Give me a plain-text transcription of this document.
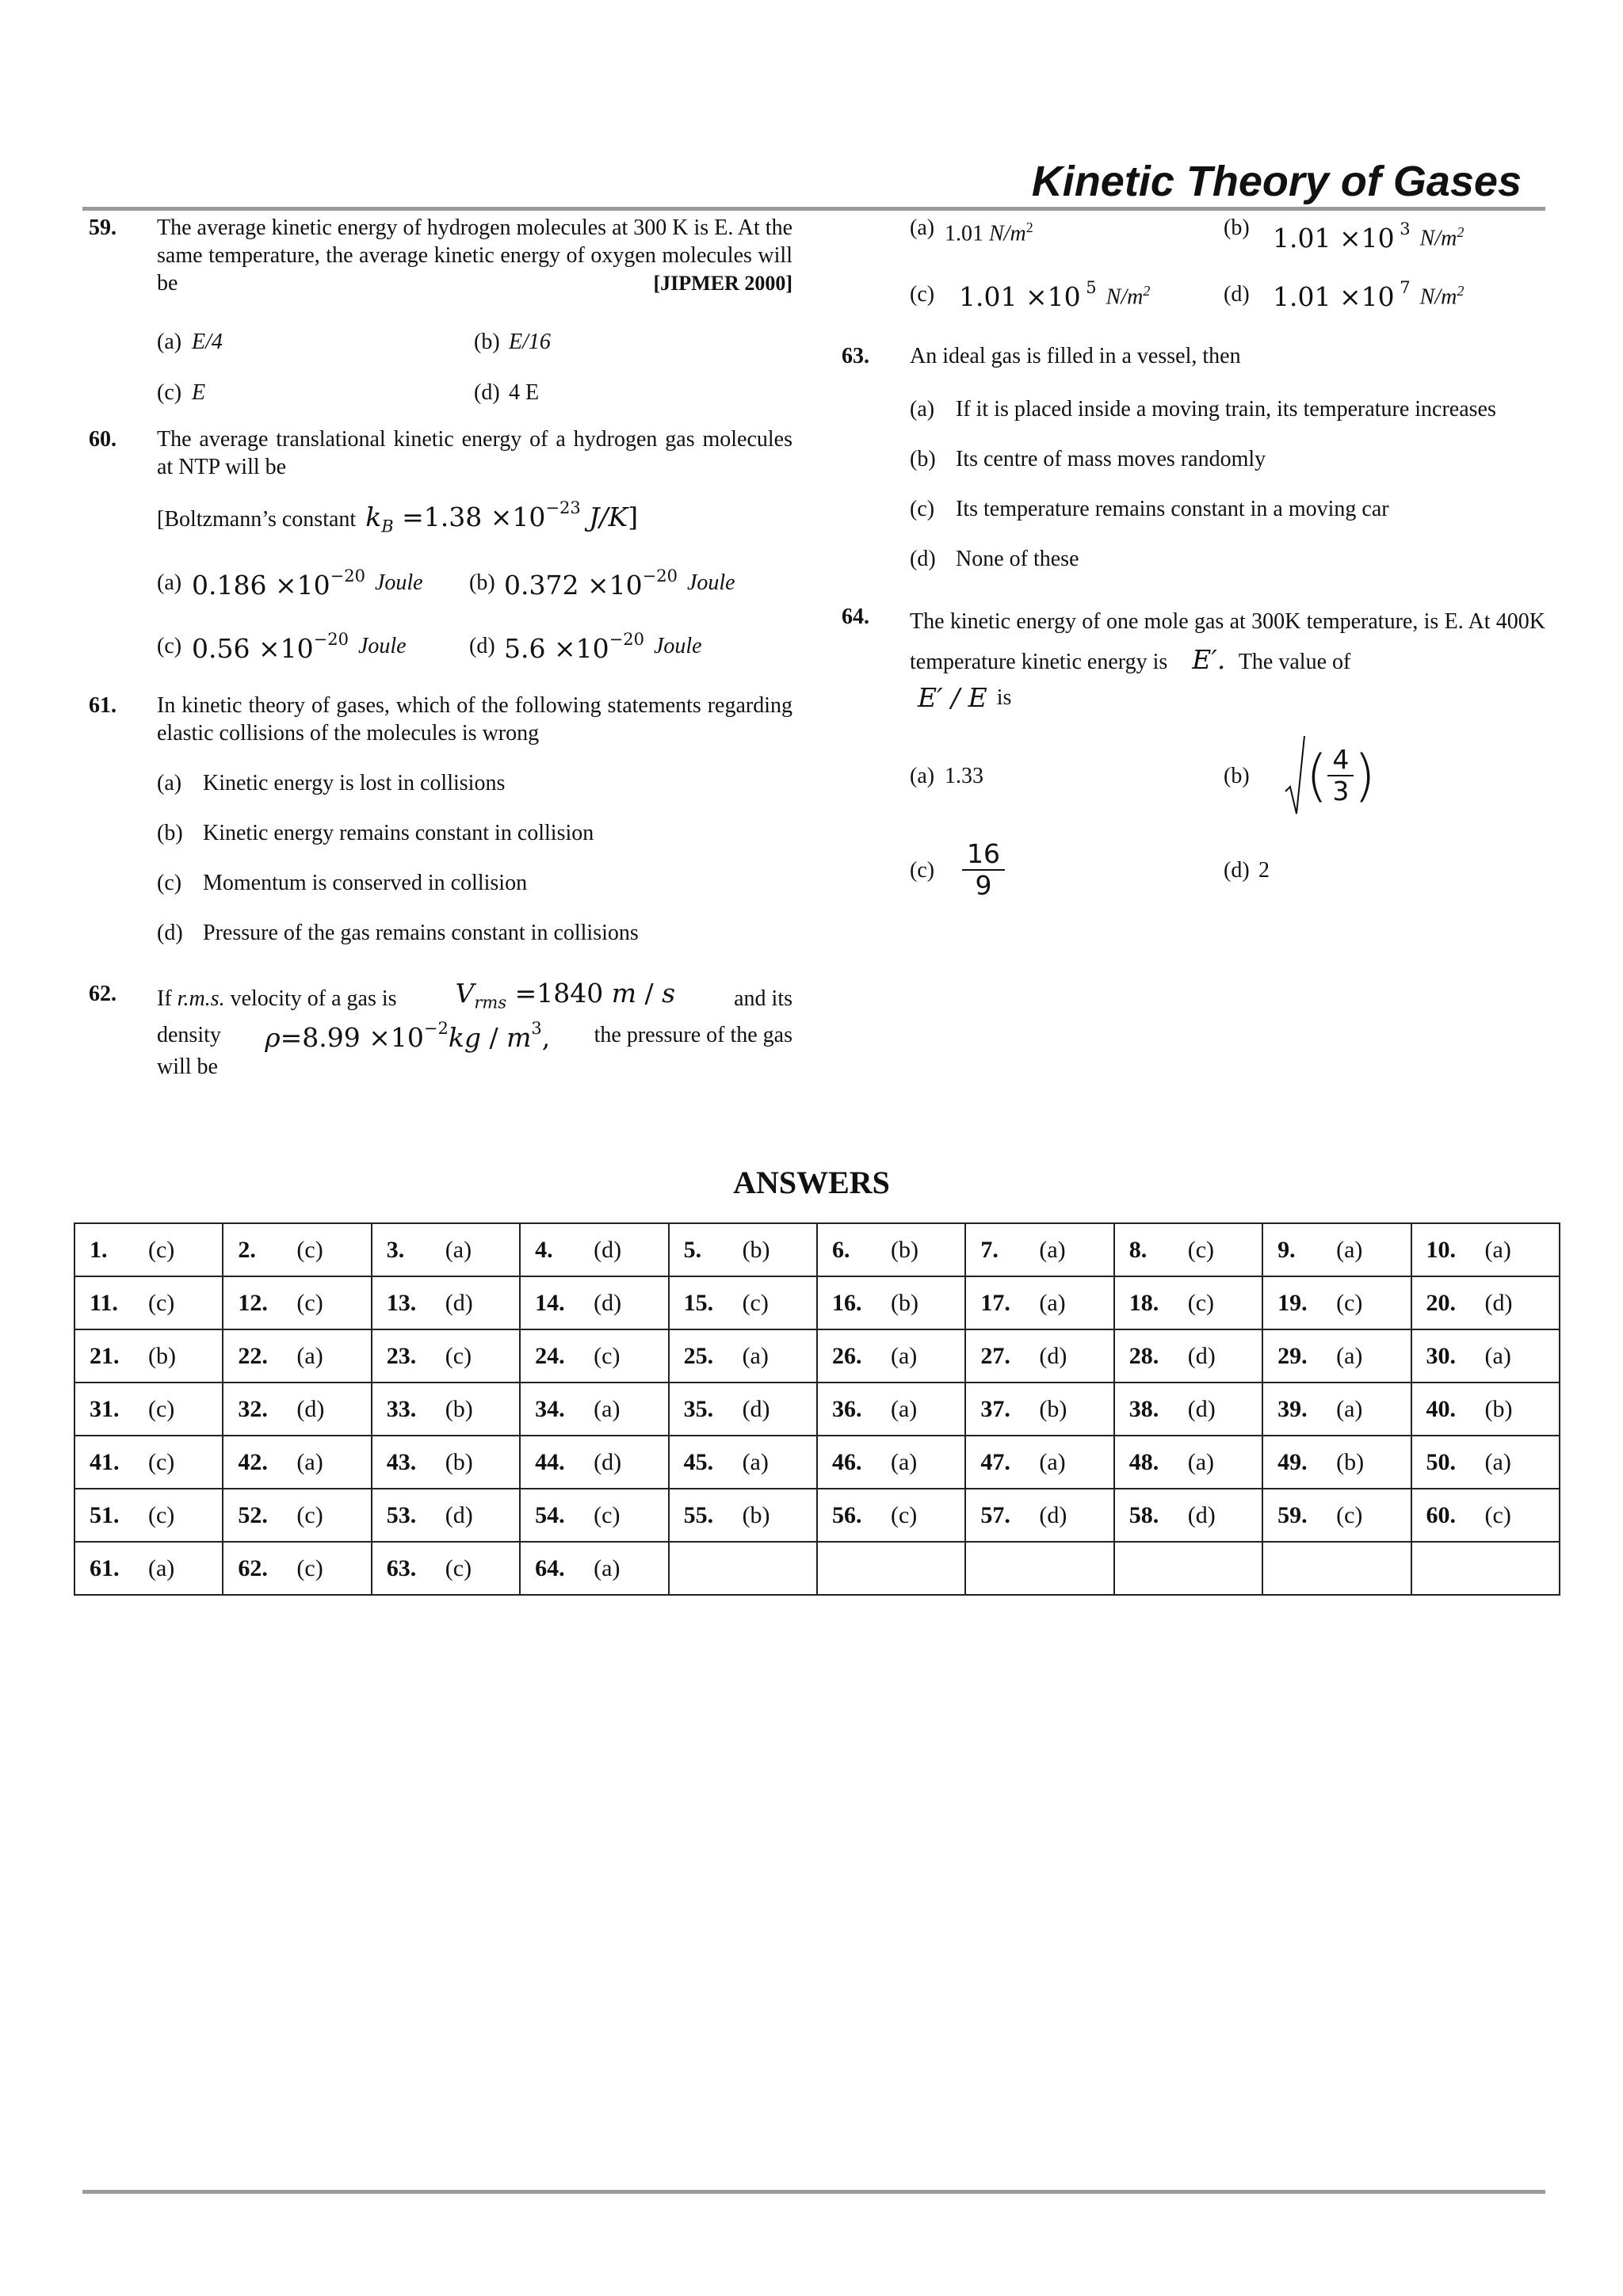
Kinetic Theory of Gases
59. The average kinetic energy of hydrogen molecules at 300 K is E. At the same temperature, the average kinetic energy of oxygen molecules will be	[JIPMER 2000]
(a) E/4	(b) E/16
(c) E	(d) 4 E
60. The average translational kinetic energy of a hydrogen gas molecules at NTP will be
[Boltzmann’s constant $k_B =1.38 \times 10^{-23}$ J/K]
(a) $0.186 \times 10^{-20}$ Joule (b) $0.372 \times 10^{-20}$ Joule
(c) $0.56 \times 10^{-20}$ Joule	(d) $5.6 \times 10^{-20}$ Joule
61. In kinetic theory of gases, which of the following statements regarding elastic collisions of the molecules is wrong
(a) Kinetic energy is lost in collisions
(b) Kinetic energy remains constant in collision
(c) Momentum is conserved in collision
(d) Pressure of the gas remains constant in collisions
62. If r.m.s. velocity of a gas is $V_{rms} =1840$ m / s	and its
density $\rho=8.99 \times 10^{-2}kg / m^3$, the pressure of the gas
will be
(a) 1.01 $N/m^2$	(b) 1.01 ×10 $^3$ $N/m^2$
(c) 1.01 ×10 $^5$ $N/m^2$	(d) 1.01 ×10 $^7$ $N/m^2$
63. An ideal gas is filled in a vessel, then
(a) If it is placed inside a moving train, its temperature increases
(b) Its centre of mass moves randomly
(c) Its temperature remains constant in a moving car
(d) None of these
64. The kinetic energy of one mole gas at 300K temperature, is E. At 400K temperature kinetic energy is E′. The value of
E′ / E is
(a) 1.33	(b) ( $\frac{4}{3}$ )
(c)	$\frac{16}{9}$	(d) 2
ANSWERS
1. (c)	2. (c)	3. (a)	4. (d)	5. (b)	6. (b)	7. (a)	8. (c)	9. (a)	10. (a)
11. (c)	12. (c)	13. (d)	14. (d)	15. (c)	16. (b)	17. (a)	18. (c)	19. (c)	20. (d)
21. (b)	22. (a)	23. (c)	24. (c)	25. (a)	26. (a)	27. (d)	28. (d)	29. (a)	30. (a)
31. (c)	32. (d)	33. (b)	34. (a)	35. (d)	36. (a)	37. (b)	38. (d)	39. (a)	40. (b)
41. (c)	42. (a)	43. (b)	44. (d)	45. (a)	46. (a)	47. (a)	48. (a)	49. (b)	50. (a)
51. (c)	52. (c)	53. (d)	54. (c)	55. (b)	56. (c)	57. (d)	58. (d)	59. (c)	60. (c)
61. (a)	62. (c)	63. (c)	64. (a)						
